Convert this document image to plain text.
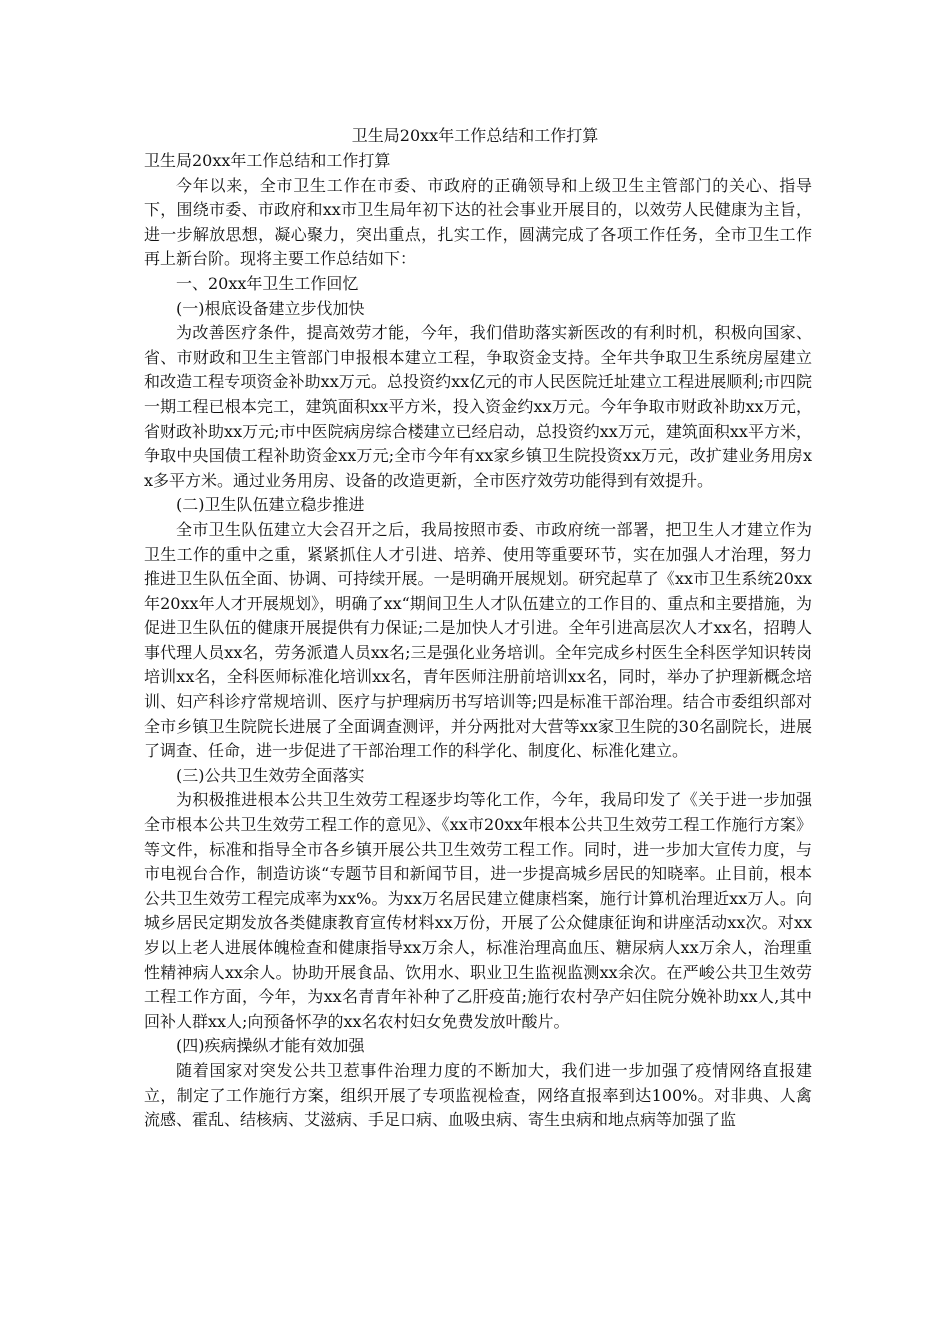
卫生局20xx年工作总结和工作打算

卫生局20xx年工作总结和工作打算

今年以来，全市卫生工作在市委、市政府的正确领导和上级卫生主管部门的关心、指导下，围绕市委、市政府和xx市卫生局年初下达的社会事业开展目的，以效劳人民健康为主旨，进一步解放思想，凝心聚力，突出重点，扎实工作，圆满完成了各项工作任务，全市卫生工作再上新台阶。现将主要工作总结如下：

一、20xx年卫生工作回忆

(一)根底设备建立步伐加快

为改善医疗条件，提高效劳才能，今年，我们借助落实新医改的有利时机，积极向国家、省、市财政和卫生主管部门申报根本建立工程，争取资金支持。全年共争取卫生系统房屋建立和改造工程专项资金补助xx万元。总投资约xx亿元的市人民医院迁址建立工程进展顺利;市四院一期工程已根本完工，建筑面积xx平方米，投入资金约xx万元。今年争取市财政补助xx万元，省财政补助xx万元;市中医院病房综合楼建立已经启动，总投资约xx万元，建筑面积xx平方米，争取中央国债工程补助资金xx万元;全市今年有xx家乡镇卫生院投资xx万元，改扩建业务用房xx多平方米。通过业务用房、设备的改造更新，全市医疗效劳功能得到有效提升。

(二)卫生队伍建立稳步推进

全市卫生队伍建立大会召开之后，我局按照市委、市政府统一部署，把卫生人才建立作为卫生工作的重中之重，紧紧抓住人才引进、培养、使用等重要环节，实在加强人才治理，努力推进卫生队伍全面、协调、可持续开展。一是明确开展规划。研究起草了《xx市卫生系统20xx年20xx年人才开展规划》，明确了xx“期间卫生人才队伍建立的工作目的、重点和主要措施，为促进卫生队伍的健康开展提供有力保证;二是加快人才引进。全年引进高层次人才xx名，招聘人事代理人员xx名，劳务派遣人员xx名;三是强化业务培训。全年完成乡村医生全科医学知识转岗培训xx名，全科医师标准化培训xx名，青年医师注册前培训xx名，同时，举办了护理新概念培训、妇产科诊疗常规培训、医疗与护理病历书写培训等;四是标准干部治理。结合市委组织部对全市乡镇卫生院院长进展了全面调查测评，并分两批对大营等xx家卫生院的30名副院长，进展了调查、任命，进一步促进了干部治理工作的科学化、制度化、标准化建立。

(三)公共卫生效劳全面落实

为积极推进根本公共卫生效劳工程逐步均等化工作，今年，我局印发了《关于进一步加强全市根本公共卫生效劳工程工作的意见》、《xx市20xx年根本公共卫生效劳工程工作施行方案》等文件，标准和指导全市各乡镇开展公共卫生效劳工程工作。同时，进一步加大宣传力度，与市电视台合作，制造访谈“专题节目和新闻节目，进一步提高城乡居民的知晓率。止目前，根本公共卫生效劳工程完成率为xx%。为xx万名居民建立健康档案，施行计算机治理近xx万人。向城乡居民定期发放各类健康教育宣传材料xx万份，开展了公众健康征询和讲座活动xx次。对xx岁以上老人进展体魄检查和健康指导xx万余人，标准治理高血压、糖尿病人xx万余人，治理重性精神病人xx余人。协助开展食品、饮用水、职业卫生监视监测xx余次。在严峻公共卫生效劳工程工作方面，今年，为xx名青青年补种了乙肝疫苗;施行农村孕产妇住院分娩补助xx人,其中回补人群xx人;向预备怀孕的xx名农村妇女免费发放叶酸片。

(四)疾病操纵才能有效加强

随着国家对突发公共卫惹事件治理力度的不断加大，我们进一步加强了疫情网络直报建立，制定了工作施行方案，组织开展了专项监视检查，网络直报率到达100%。对非典、人禽流感、霍乱、结核病、艾滋病、手足口病、血吸虫病、寄生虫病和地点病等加强了监
